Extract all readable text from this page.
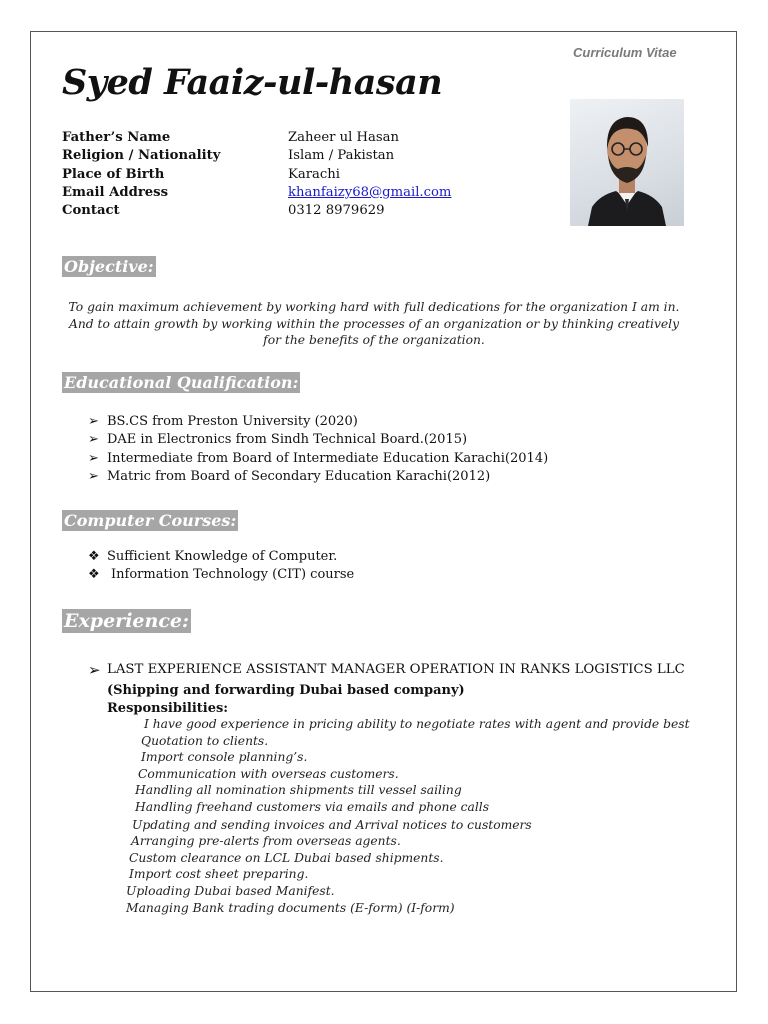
Curriculum Vitae
Syed Faaiz-ul-hasan
Father’s Name	Zaheer ul Hasan
Religion / Nationality	Islam / Pakistan
Place of Birth	Karachi
Email Address	khanfaizy68@gmail.com
Contact	0312 8979629
Objective:
To gain maximum achievement by working hard with full dedications for the organization I am in. And to attain growth by working within the processes of an organization or by thinking creatively for the benefits of the organization.
Educational Qualification:
➢ BS.CS from Preston University (2020)
➢ DAE in Electronics from Sindh Technical Board.(2015)
➢ Intermediate from Board of Intermediate Education Karachi(2014)
➢ Matric from Board of Secondary Education Karachi(2012)
Computer Courses:
❖ Sufficient Knowledge of Computer.
❖ Information Technology (CIT) course
Experience:
➢ LAST EXPERIENCE ASSISTANT MANAGER OPERATION IN RANKS LOGISTICS LLC
(Shipping and forwarding Dubai based company)
Responsibilities:
I have good experience in pricing ability to negotiate rates with agent and provide best
Quotation to clients.
Import console planning’s.
Communication with overseas customers.
Handling all nomination shipments till vessel sailing
Handling freehand customers via emails and phone calls
Updating and sending invoices and Arrival notices to customers
Arranging pre-alerts from overseas agents.
Custom clearance on LCL Dubai based shipments.
Import cost sheet preparing.
Uploading Dubai based Manifest.
Managing Bank trading documents (E-form) (I-form)
